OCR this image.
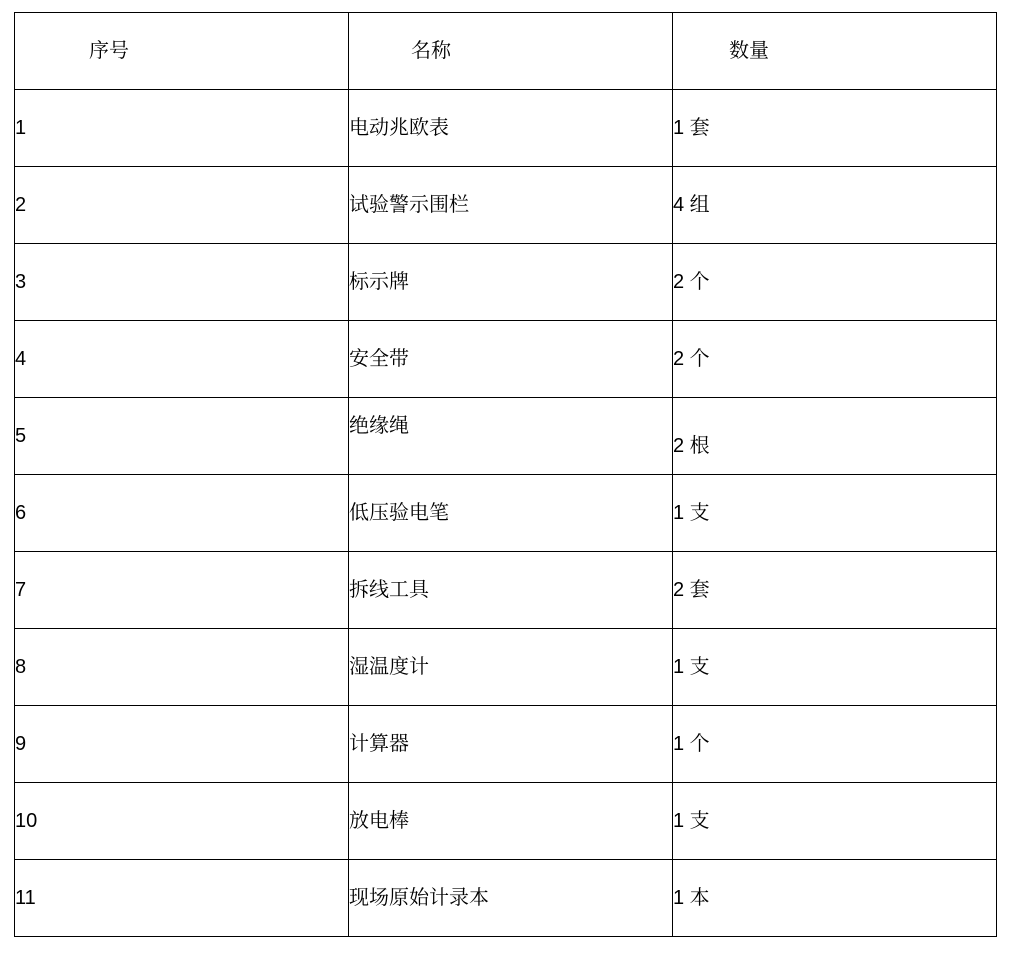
序号	名称	数量
1	电动兆欧表	1 套
2	试验警示围栏	4 组
3	标示牌	2 个
4	安全带	2 个
5	绝缘绳	2 根
6	低压验电笔	1 支
7	拆线工具	2 套
8	湿温度计	1 支
9	计算器	1 个
10	放电棒	1 支
11	现场原始计录本	1 本
